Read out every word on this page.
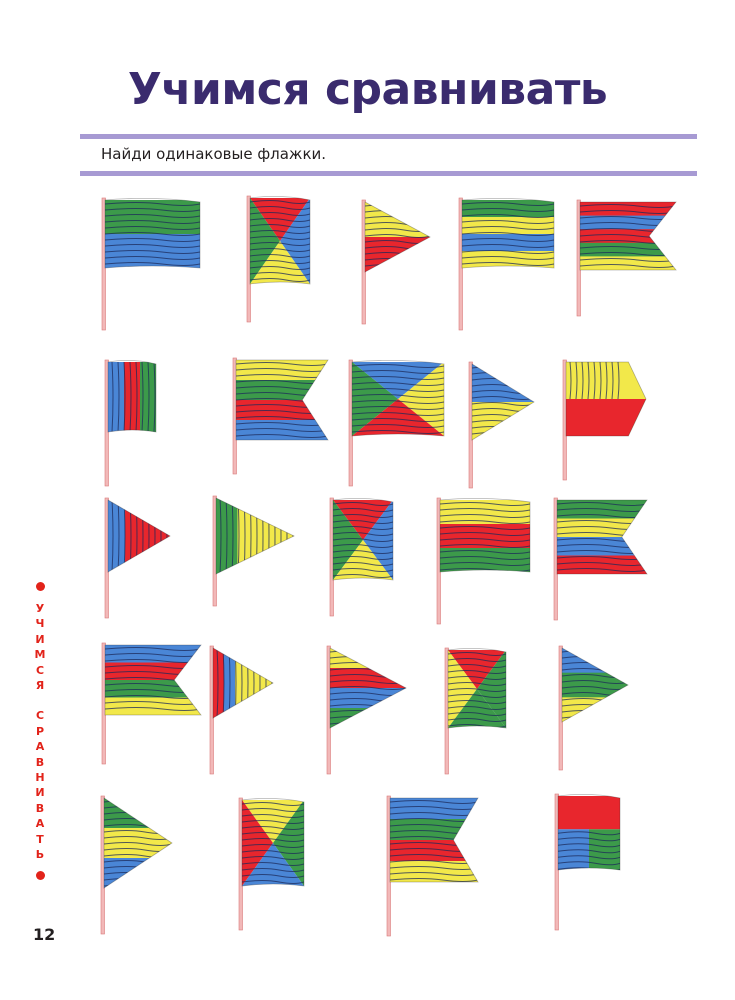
Учимся сравнивать
Найди одинаковые флажки.
У
Ч
И
М
С
Я

С
Р
А
В
Н
И
В
А
Т
Ь
12
